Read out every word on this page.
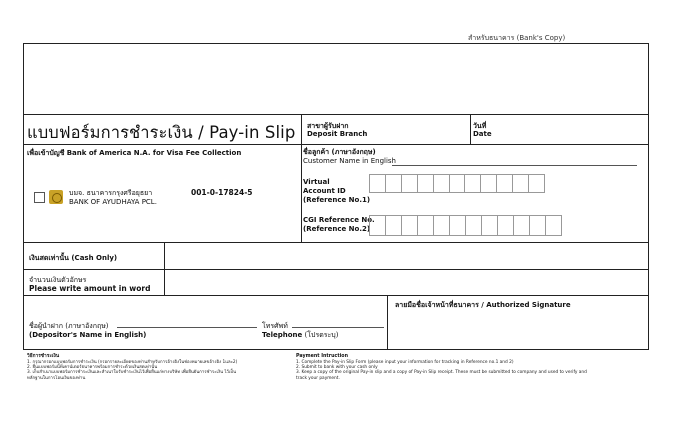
สำหรับธนาคาร (Bank's Copy)
แบบฟอร์มการชำระเงิน / Pay-in Slip สาขาผู้รับฝาก
Deposit Branch
วันที่
Date
เพื่อเข้าบัญชี Bank of America N.A. for Visa Fee Collection
บมจ. ธนาคารกรุงศรีอยุธยา
BANK OF AYUDHAYA PCL.
001-0-17824-5
ชื่อลูกค้า (ภาษาอังกฤษ)
Customer Name in English
Virtual
Account ID
(Reference No.1)
CGI Reference No.
(Reference No.2)
เงินสดเท่านั้น (Cash Only)
จำนวนเงินตัวอักษร
Please write amount in word
ลายมือชื่อเจ้าหน้าที่ธนาคาร / Authorized Signature
ชื่อผู้นำฝาก (ภาษาอังกฤษ)
(Depositor's Name in English)
โทรศัพท์
Telephone (โปรดระบุ)
วิธีการชำระเงิน
1. กรุณากรอกแบบฟอร์มการชำระเงิน (กรอกรายละเอียดของท่านสำหรับการอ้างอิงในช่องหมายเลขอ้างอิง 1และ2)
2. ยื่นแบบฟอร์มนี้ที่เคาน์เตอร์ธนาคารพร้อมการชำระด้วยเงินสดเท่านั้น
3. เก็บสำเนาแบบฟอร์มการชำระเงินและสำเนาใบรับชำระเงินไว้เพื่อยื่นแก่ทางบริษัท เพื่อยืนยันการชำระเงิน ไว้เป็น
หลักฐานในการโอนเงินของท่าน
Payment Intruction
1. Complete the Pay-in Slip Form (please input your information for tracking in Reference no.1 and 2)
2. Submit to bank with your cash only
3. Keep a copy of the original Pay-in slip and a copy of Pay-in Slip receipt. These must be submitted to company and used to verify and
track your payment.
